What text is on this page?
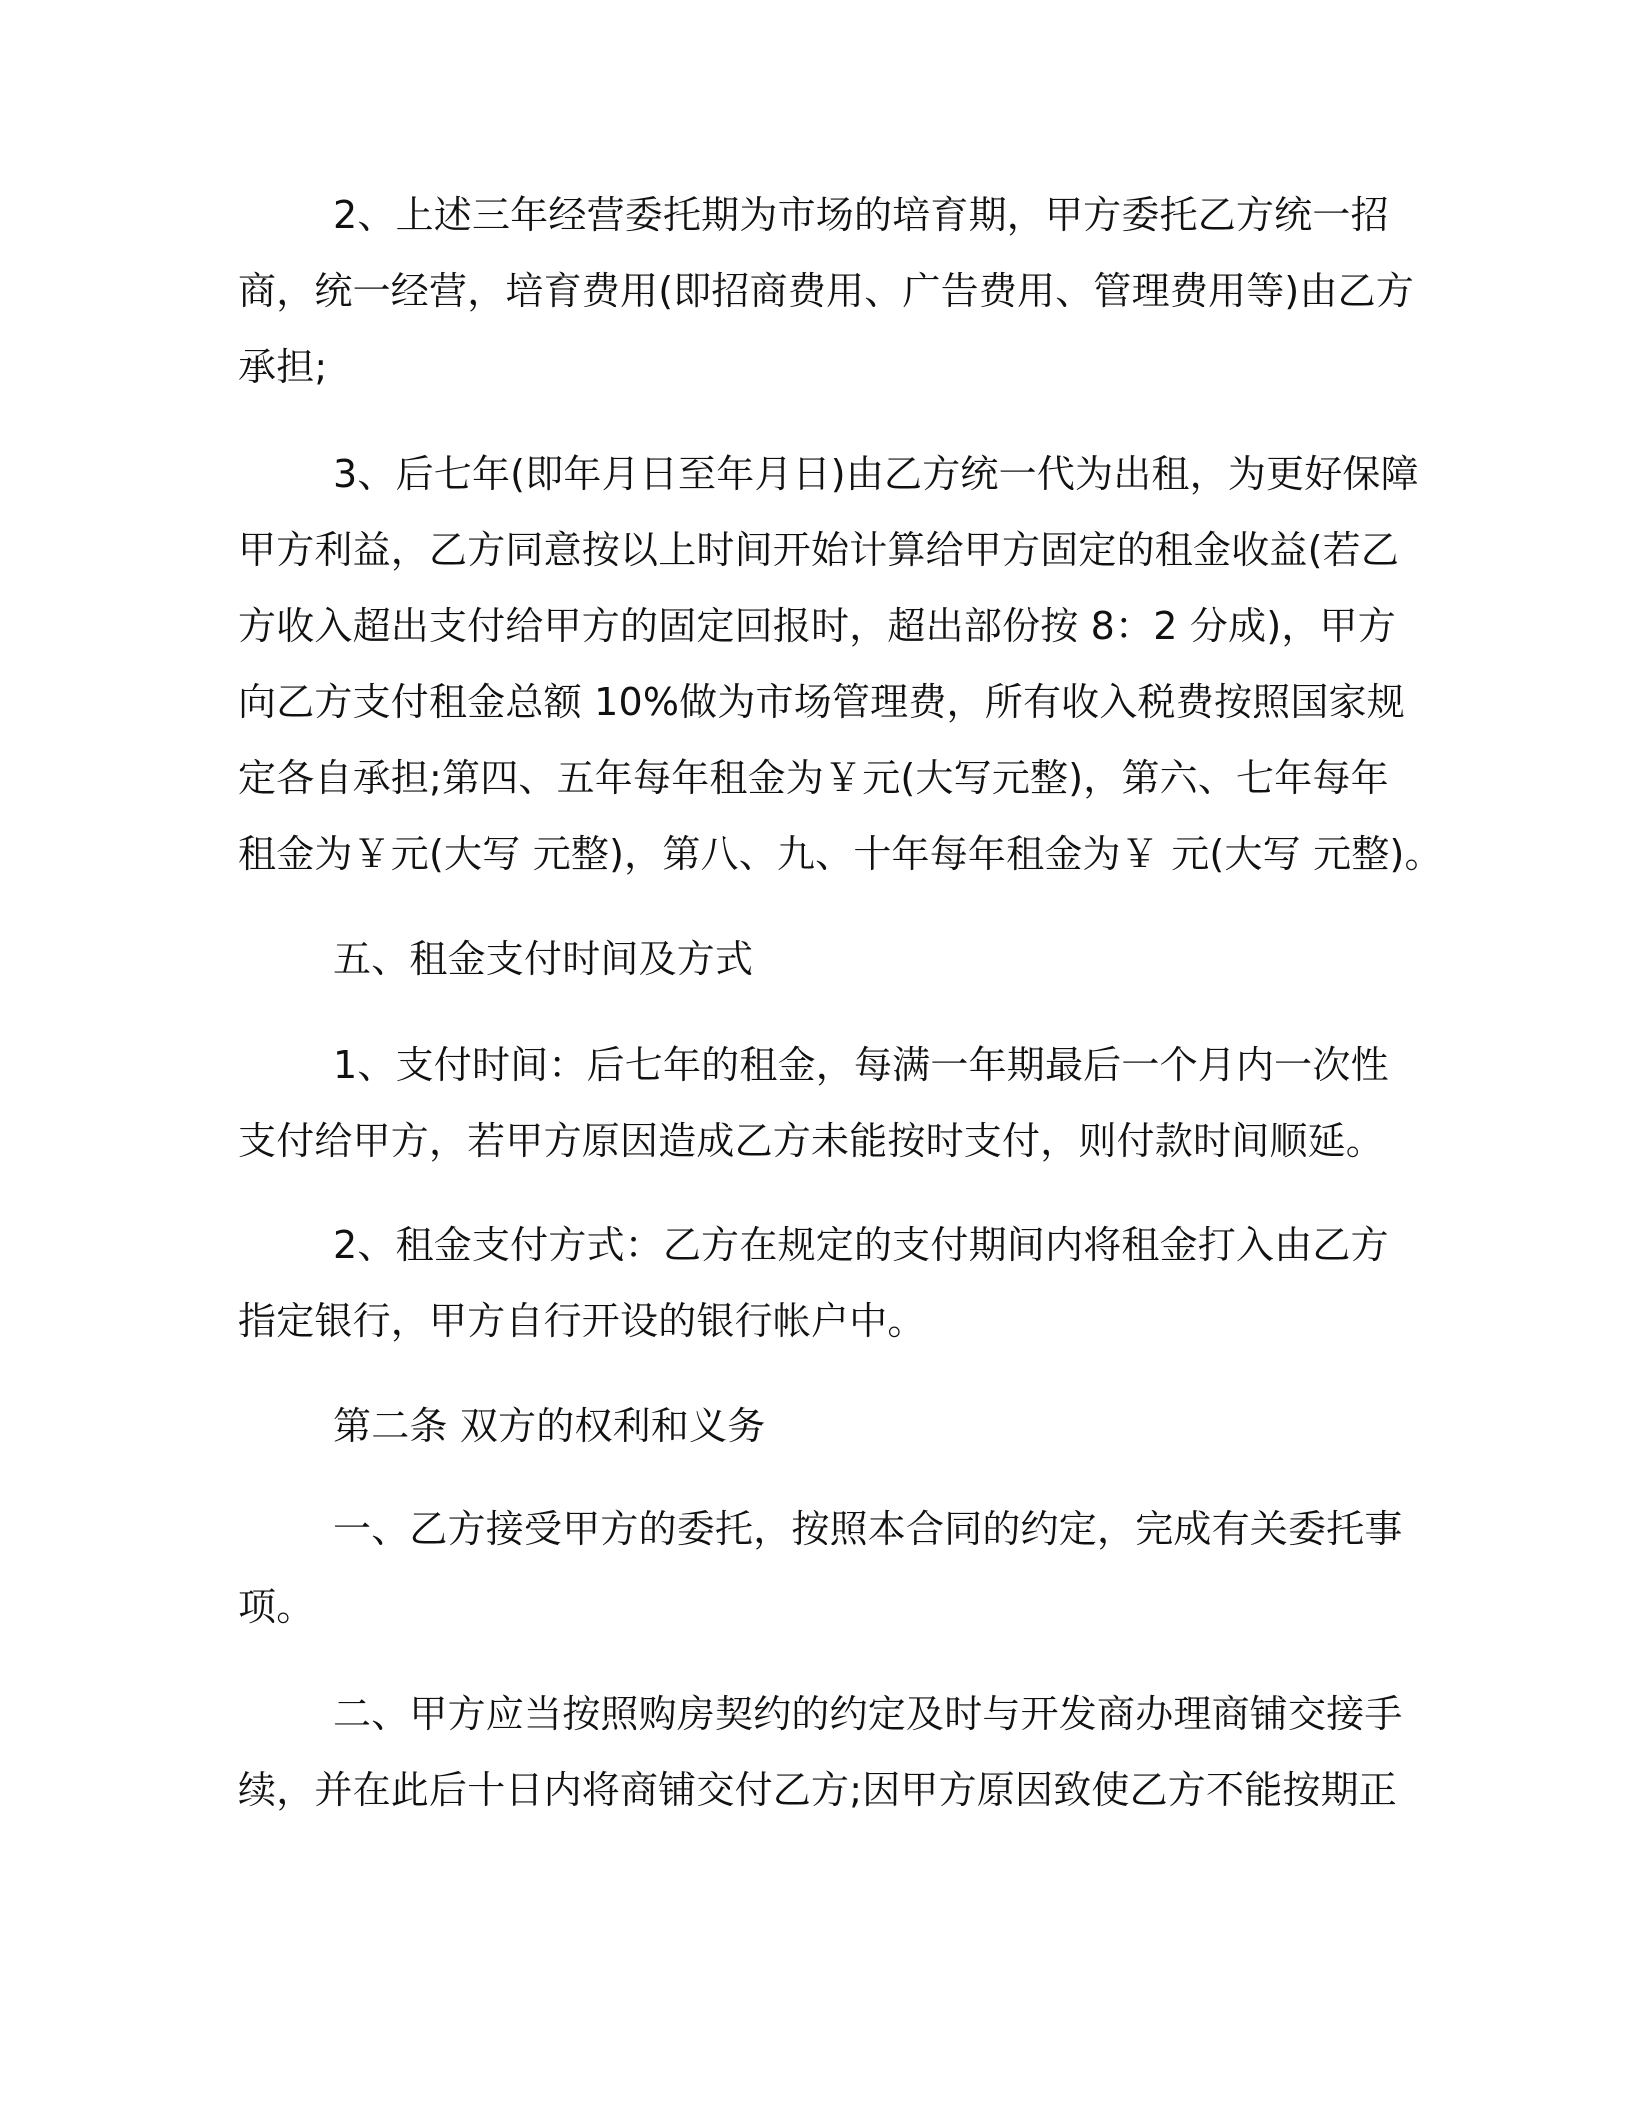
2、上述三年经营委托期为市场的培育期，甲方委托乙方统一招
商，统一经营，培育费用(即招商费用、广告费用、管理费用等)由乙方
承担;
3、后七年(即年月日至年月日)由乙方统一代为出租，为更好保障
甲方利益，乙方同意按以上时间开始计算给甲方固定的租金收益(若乙
方收入超出支付给甲方的固定回报时，超出部份按 8：2 分成)，甲方
向乙方支付租金总额 10%做为市场管理费，所有收入税费按照国家规
定各自承担;第四、五年每年租金为￥元(大写元整)，第六、七年每年
租金为￥元(大写 元整)，第八、九、十年每年租金为￥ 元(大写 元整)。
五、租金支付时间及方式
1、支付时间：后七年的租金，每满一年期最后一个月内一次性
支付给甲方，若甲方原因造成乙方未能按时支付，则付款时间顺延。
2、租金支付方式：乙方在规定的支付期间内将租金打入由乙方
指定银行，甲方自行开设的银行帐户中。
第二条 双方的权利和义务
一、乙方接受甲方的委托，按照本合同的约定，完成有关委托事
项。
二、甲方应当按照购房契约的约定及时与开发商办理商铺交接手
续，并在此后十日内将商铺交付乙方;因甲方原因致使乙方不能按期正
